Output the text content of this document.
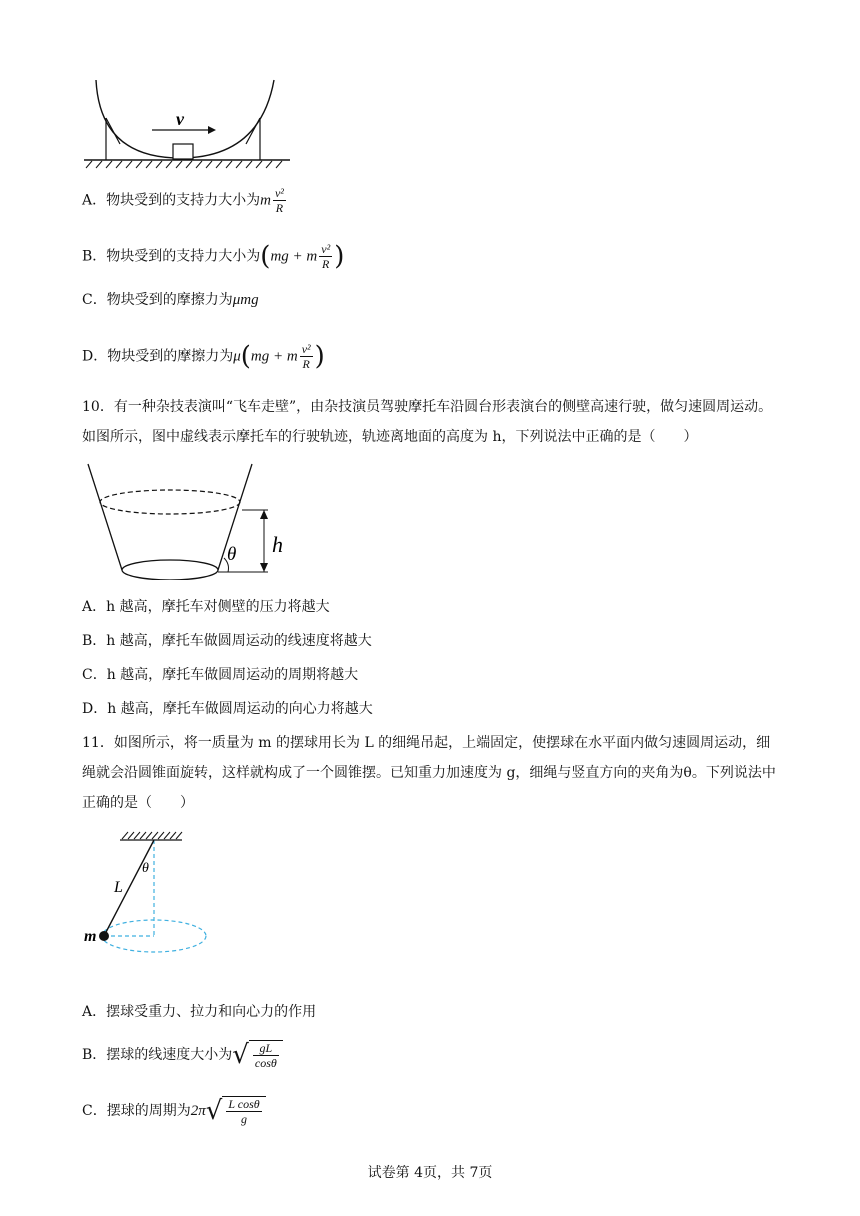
v
A．物块受到的支持力大小为m $\frac{\text{v²}}{R}$
B．物块受到的支持力大小为(mg + m $\frac{\text{v²}}{R}$ )
C．物块受到的摩擦力为μmg
D．物块受到的摩擦力为μ(mg + m $\frac{\text{v²}}{R}$ )
10．有一种杂技表演叫“飞车走壁”，由杂技演员驾驶摩托车沿圆台形表演台的侧壁高速行驶，做匀速圆周运动。如图所示，图中虚线表示摩托车的行驶轨迹，轨迹离地面的高度为 h，下列说法中正确的是（　　）
θ h
A．h 越高，摩托车对侧壁的压力将越大
B．h 越高，摩托车做圆周运动的线速度将越大
C．h 越高，摩托车做圆周运动的周期将越大
D．h 越高，摩托车做圆周运动的向心力将越大
11．如图所示，将一质量为 m 的摆球用长为 L 的细绳吊起，上端固定，使摆球在水平面内做匀速圆周运动，细绳就会沿圆锥面旋转，这样就构成了一个圆锥摆。已知重力加速度为 g，细绳与竖直方向的夹角为θ。下列说法中正确的是（　　）
θ
L
m
A．摆球受重力、拉力和向心力的作用
B．摆球的线速度大小为√ $\frac{gL}{\cos\theta}$
C．摆球的周期为$2\pi√ \frac{\text{L cosθ}}{g}$
试卷第 4页，共 7页
